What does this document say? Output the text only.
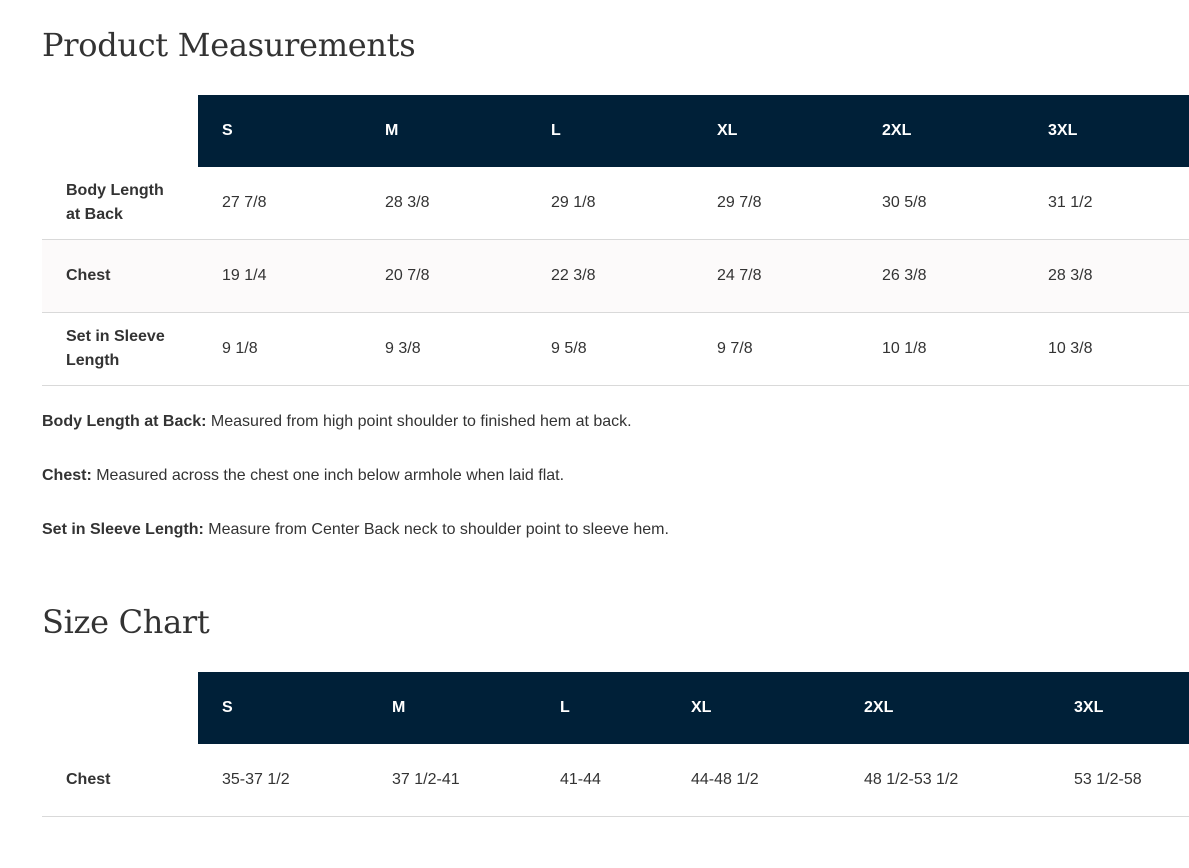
Product Measurements
	S	M	L	XL	2XL	3XL
Body Length at Back	27 7/8	28 3/8	29 1/8	29 7/8	30 5/8	31 1/2
Chest	19 1/4	20 7/8	22 3/8	24 7/8	26 3/8	28 3/8
Set in Sleeve Length	9 1/8	9 3/8	9 5/8	9 7/8	10 1/8	10 3/8

Body Length at Back: Measured from high point shoulder to finished hem at back.

Chest: Measured across the chest one inch below armhole when laid flat.

Set in Sleeve Length: Measure from Center Back neck to shoulder point to sleeve hem.

Size Chart
	S	M	L	XL	2XL	3XL
Chest	35-37 1/2	37 1/2-41	41-44	44-48 1/2	48 1/2-53 1/2	53 1/2-58
